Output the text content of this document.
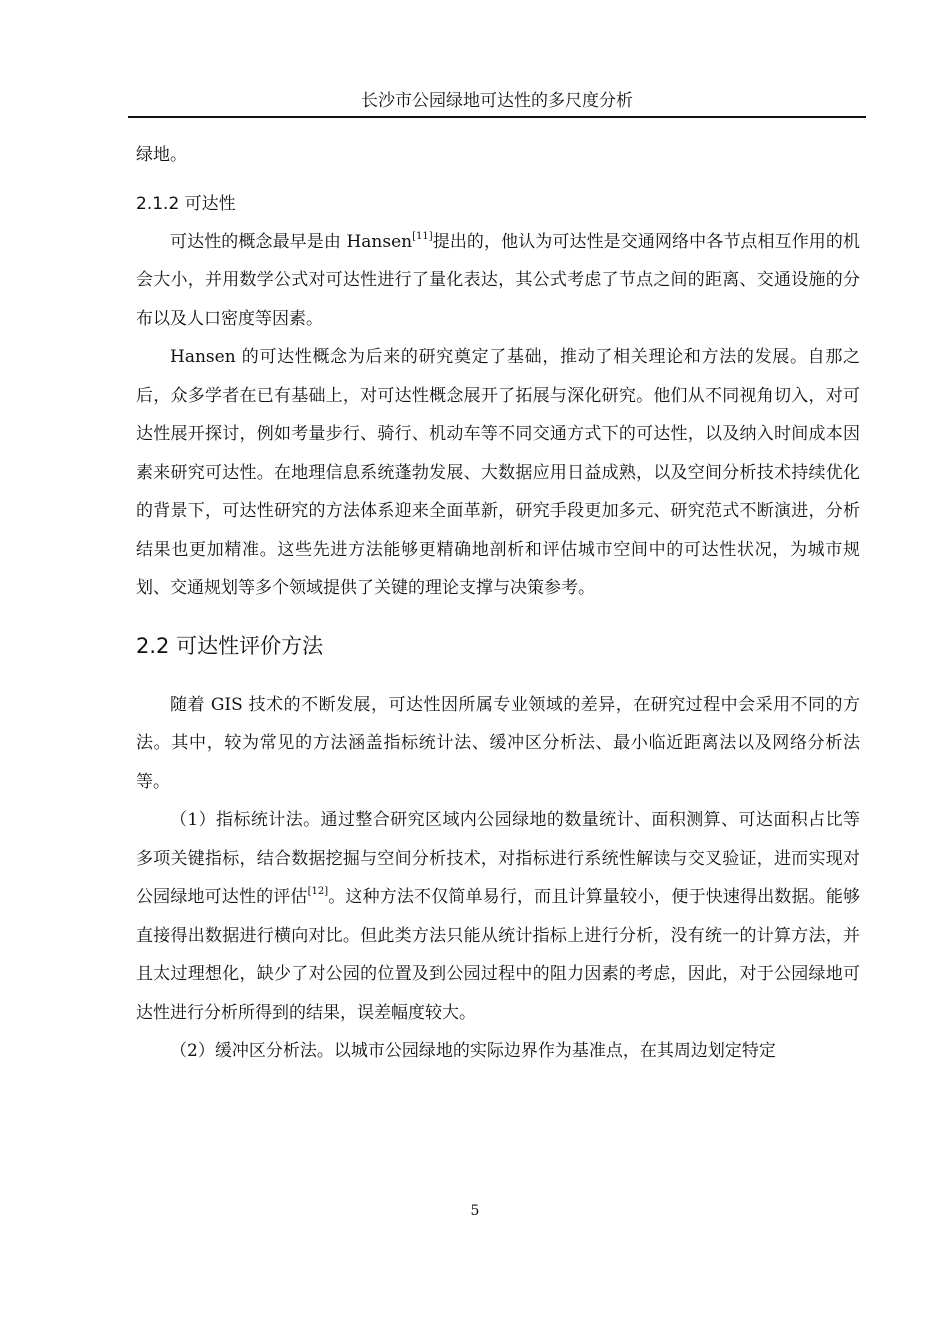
长沙市公园绿地可达性的多尺度分析

绿地。

2.1.2 可达性

可达性的概念最早是由 Hansen[11]提出的，他认为可达性是交通网络中各节点相互作用的机会大小，并用数学公式对可达性进行了量化表达，其公式考虑了节点之间的距离、交通设施的分布以及人口密度等因素。

Hansen 的可达性概念为后来的研究奠定了基础，推动了相关理论和方法的发展。自那之后，众多学者在已有基础上，对可达性概念展开了拓展与深化研究。他们从不同视角切入，对可达性展开探讨，例如考量步行、骑行、机动车等不同交通方式下的可达性，以及纳入时间成本因素来研究可达性。在地理信息系统蓬勃发展、大数据应用日益成熟，以及空间分析技术持续优化的背景下，可达性研究的方法体系迎来全面革新，研究手段更加多元、研究范式不断演进，分析结果也更加精准。这些先进方法能够更精确地剖析和评估城市空间中的可达性状况，为城市规划、交通规划等多个领域提供了关键的理论支撑与决策参考。

2.2 可达性评价方法

随着 GIS 技术的不断发展，可达性因所属专业领域的差异，在研究过程中会采用不同的方法。其中，较为常见的方法涵盖指标统计法、缓冲区分析法、最小临近距离法以及网络分析法等。

（1）指标统计法。通过整合研究区域内公园绿地的数量统计、面积测算、可达面积占比等多项关键指标，结合数据挖掘与空间分析技术，对指标进行系统性解读与交叉验证，进而实现对公园绿地可达性的评估[12]。这种方法不仅简单易行，而且计算量较小，便于快速得出数据。能够直接得出数据进行横向对比。但此类方法只能从统计指标上进行分析，没有统一的计算方法，并且太过理想化，缺少了对公园的位置及到公园过程中的阻力因素的考虑，因此，对于公园绿地可达性进行分析所得到的结果，误差幅度较大。

（2）缓冲区分析法。以城市公园绿地的实际边界作为基准点，在其周边划定特定

5
